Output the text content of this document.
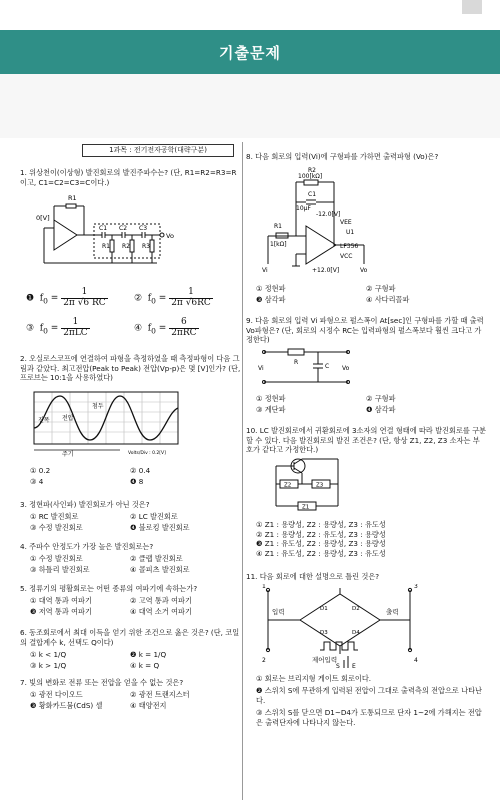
기출문제
1과목 : 전기전자공학(대략구분)

1. 위상천이(이상형) 발진회로의 발진주파수는? (단, R1=R2=R3=R이고, C1=C2=C3=C이다.)

R1
0[V]
C1 C2 C3
R1 R2 R3
Vo
❶  $f_0 = \frac{1}{2\pi √6 RC}$	②  $f_0 = \frac{1}{2\pi √6RC}$
③  $f_0 = \frac{1}{\text{2πLC}}$	④  $f_0 = \frac{6}{\text{2πRC}}$

2. 오실로스코프에 연결하여 파형을 측정하였을 때 측정파형이 다음 그림과 같았다. 최고전압(Peak to Peak) 전압(Vp-p)은 몇 [V]인가? (단, 프로브는 10:1을 사용하였다)

주기
진폭 전압
첨두
Volts/Div : 0.2[V]
① 0.2	② 0.4
③ 4	❹ 8

3. 정현파(사인파) 발진회로가 아닌 것은?

① RC 발진회로	② LC 발진회로
③ 수정 발진회로	❹ 블로킹 발진회로

4. 주파수 안정도가 가장 높은 발진회로는?

① 수정 발진회로	② 클랩 발진회로
③ 하틀리 발진회로	④ 콜피츠 발진회로

5. 정류기의 평활회로는 어떤 종류의 여파기에 속하는가?

① 대역 통과 여파기	② 고역 통과 여파기
❸ 저역 통과 여파기	④ 대역 소거 여파기

6. 동조회로에서 최대 이득을 얻기 위한 조건으로 옳은 것은? (단, 코일의 결합계수 k, 선택도 Q이다)

① k < 1/Q	❷ k = 1/Q
③ k > 1/Q	④ k = Q

7. 빛의 변화로 전류 또는 전압을 얻을 수 없는 것은?

① 광전 다이오드	② 광전 트랜지스터
❸ 황화카드뮴(CdS) 셀	④ 태양전지

8. 다음 회로의 입력(Vi)에 구형파를 가하면 출력파형 (Vo)은?

R2
100[kΩ]
C1
10μF
-12.0[V]
VEE
U1
R1
1[kΩ]	LF356
VCC
+12.0[V]
Vi	Vo
① 정현파	② 구형파
❸ 삼각파	④ 사다리꼴파

9. 다음 회로의 입력 Vi 파형으로 펄스폭이 At[sec]인 구형파를 가할 때 출력 Vo파형은? (단, 회로의 시정수 RC는 입력파형의 펄스폭보다 훨씬 크다고 가정한다)

R
C
Vi	Vo
① 정현파	② 구형파
③ 계단파	❹ 삼각파

10. LC 발진회로에서 귀환회로에 3소자의 연결 형태에 따라 발진회로를 구분할 수 있다. 다음 발진회로의 발진 조건은? (단, 항상 Z1, Z2, Z3 소자는 부호가 같다고 가정한다.)

Z2	Z3
Z1
① Z1 : 용량성, Z2 : 용량성, Z3 : 유도성
② Z1 : 용량성, Z2 : 유도성, Z3 : 용량성
❸ Z1 : 유도성, Z2 : 용량성, Z3 : 용량성
④ Z1 : 유도성, Z2 : 용량성, Z3 : 유도성

11. 다음 회로에 대한 설명으로 틀린 것은?

1
2
3
4
입력	출력
D1	D2
D3	D4
제어입력
S E
① 회로는 브리지형 게이트 회로이다.
❷ 스위치 S에 무관하게 입력된 전압이 그대로 출력측의 전압으로 나타난다.
③ 스위치 S를 닫으면 D1~D4가 도통되므로 단자 1~2에 가해지는 전압은 출력단자에 나타나지 않는다.
